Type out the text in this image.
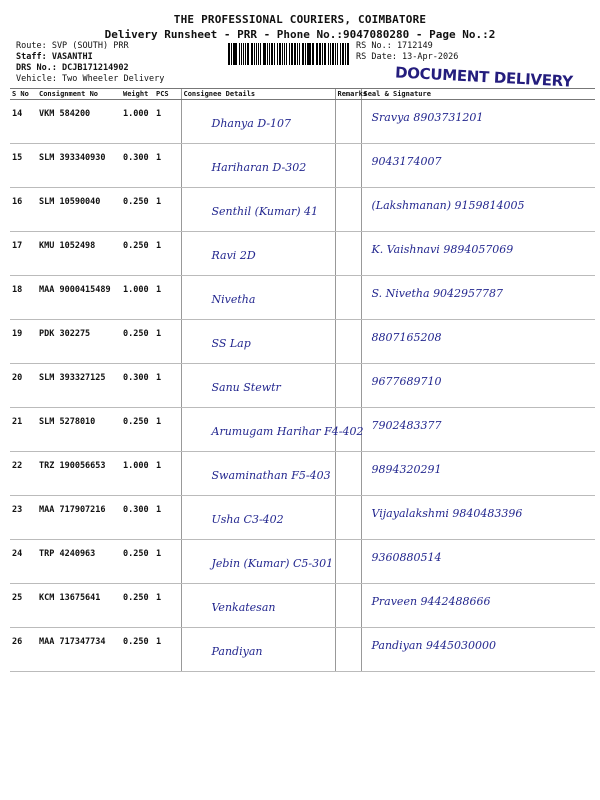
THE PROFESSIONAL COURIERS, COIMBATORE
Delivery Runsheet - PRR - Phone No.:9047080280 - Page No.:2
Route: SVP (SOUTH) PRR
Staff: VASANTHI
DRS No.: DCJB171214902
Vehicle: Two Wheeler Delivery
RS No.: 1712149
RS Date: 13-Apr-2026
DOCUMENT DELIVERY
S No	Consignment No	Weight	PCS	Consignee Details	Remarks	Seal & Signature
14	VKM 584200	1.000	1	Dhanya D-107		Sravya 8903731201

15	SLM 393340930	0.300	1	Hariharan D-302		9043174007

16	SLM 10590040	0.250	1	Senthil (Kumar) 41		(Lakshmanan) 9159814005

17	KMU 1052498	0.250	1	Ravi 2D		K. Vaishnavi 9894057069

18	MAA 9000415489	1.000	1	Nivetha		S. Nivetha 9042957787

19	PDK 302275	0.250	1	SS Lap		8807165208

20	SLM 393327125	0.300	1	Sanu Stewtr		9677689710

21	SLM 5278010	0.250	1	Arumugam Harihar F4-402		7902483377

22	TRZ 190056653	1.000	1	Swaminathan F5-403		9894320291

23	MAA 717907216	0.300	1	Usha C3-402		Vijayalakshmi 9840483396

24	TRP 4240963	0.250	1	Jebin (Kumar) C5-301		9360880514

25	KCM 13675641	0.250	1	Venkatesan		Praveen 9442488666

26	MAA 717347734	0.250	1	Pandiyan		Pandiyan 9445030000
